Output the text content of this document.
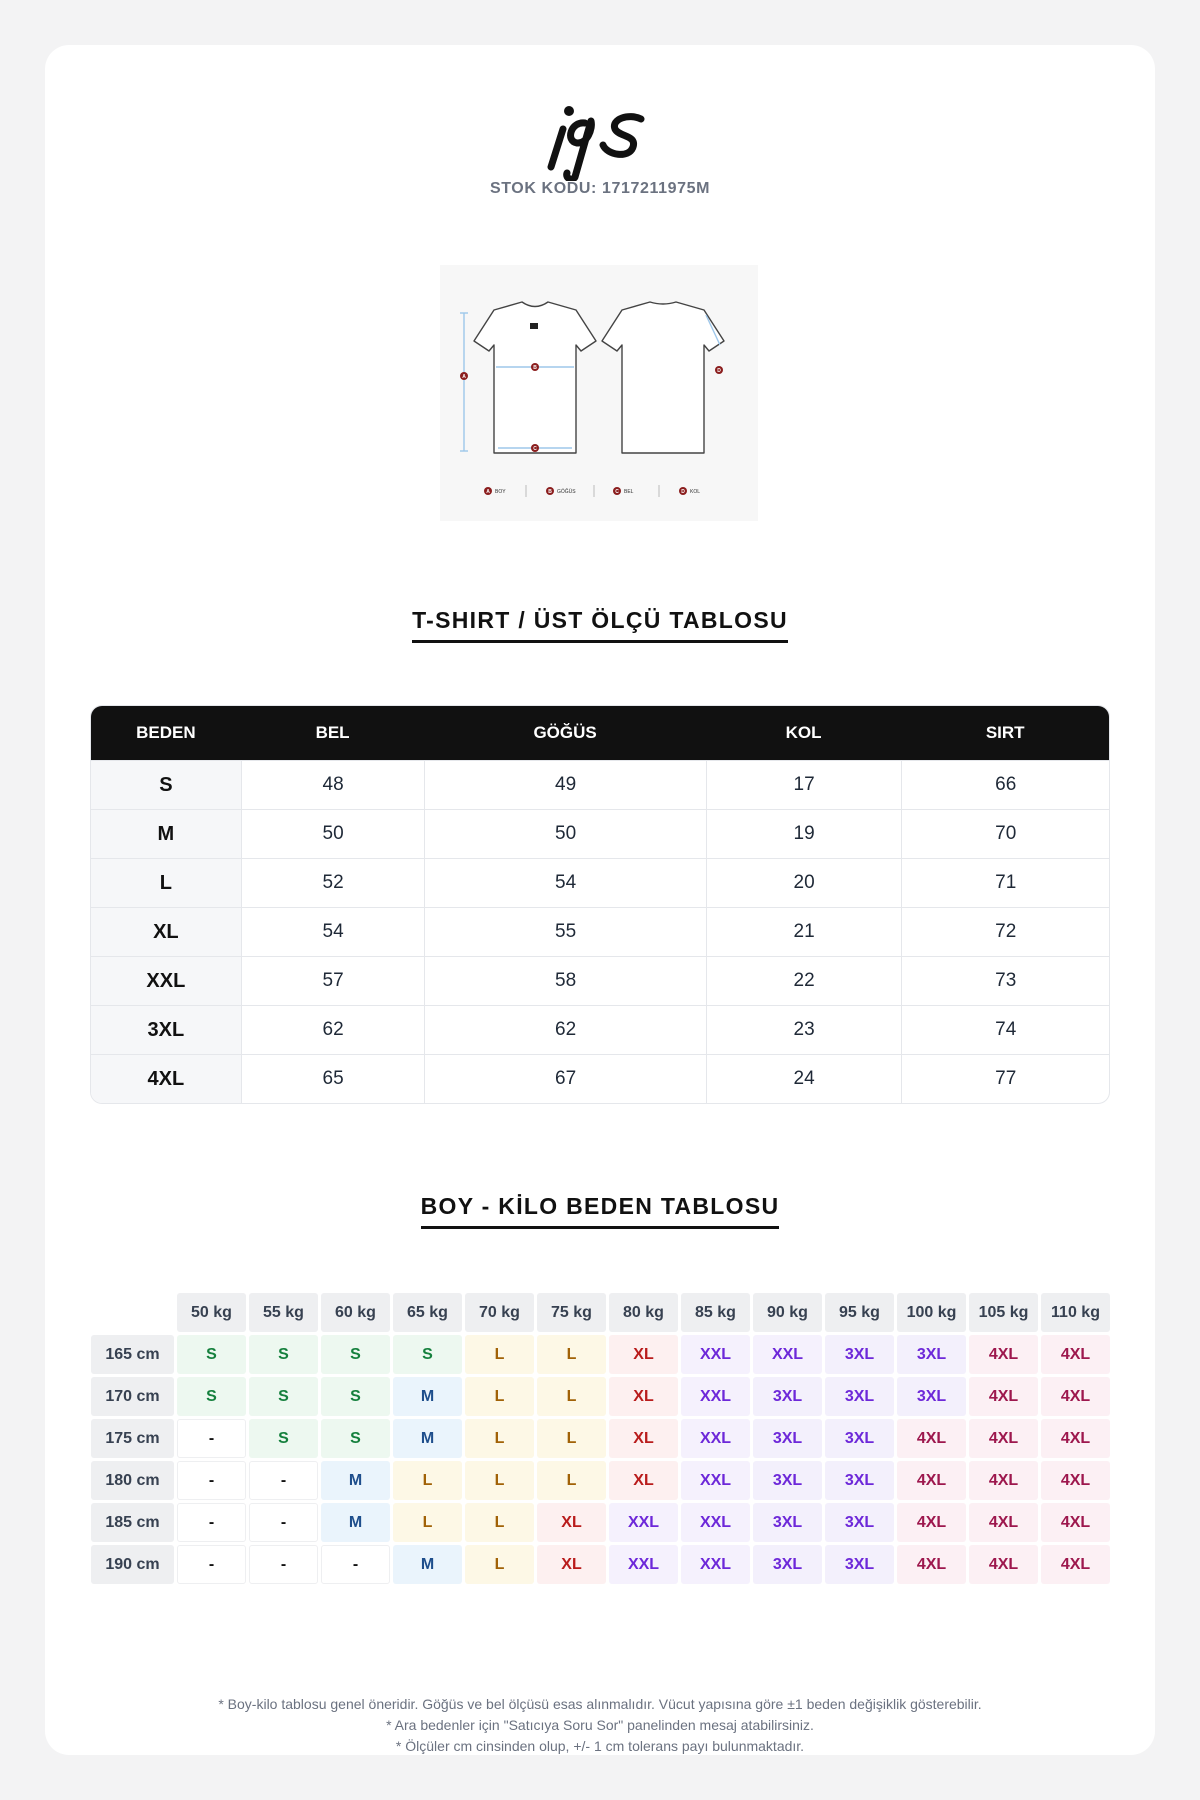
STOK KODU: 1717211975M
A
B
C
D
A	B	C	D
BOY	GÖĞÜS	BEL	KOL
T-SHIRT / ÜST ÖLÇÜ TABLOSU
BEDEN	BEL	GÖĞÜS	KOL	SIRT
S	48	49	17	66
M	50	50	19	70
L	52	54	20	71
XL	54	55	21	72
XXL	57	58	22	73
3XL	62	62	23	74
4XL	65	67	24	77
BOY - KİLO BEDEN TABLOSU
	50 kg	55 kg	60 kg	65 kg	70 kg	75 kg	80 kg	85 kg	90 kg	95 kg	100 kg	105 kg	110 kg
165 cm	S	S	S	S	L	L	XL	XXL	XXL	3XL	3XL	4XL	4XL
170 cm	S	S	S	M	L	L	XL	XXL	3XL	3XL	3XL	4XL	4XL
175 cm	-	S	S	M	L	L	XL	XXL	3XL	3XL	4XL	4XL	4XL
180 cm	-	-	M	L	L	L	XL	XXL	3XL	3XL	4XL	4XL	4XL
185 cm	-	-	M	L	L	XL	XXL	XXL	3XL	3XL	4XL	4XL	4XL
190 cm	-	-	-	M	L	XL	XXL	XXL	3XL	3XL	4XL	4XL	4XL
* Boy-kilo tablosu genel öneridir. Göğüs ve bel ölçüsü esas alınmalıdır. Vücut yapısına göre ±1 beden değişiklik gösterebilir.
* Ara bedenler için "Satıcıya Soru Sor" panelinden mesaj atabilirsiniz.
* Ölçüler cm cinsinden olup, +/- 1 cm tolerans payı bulunmaktadır.
